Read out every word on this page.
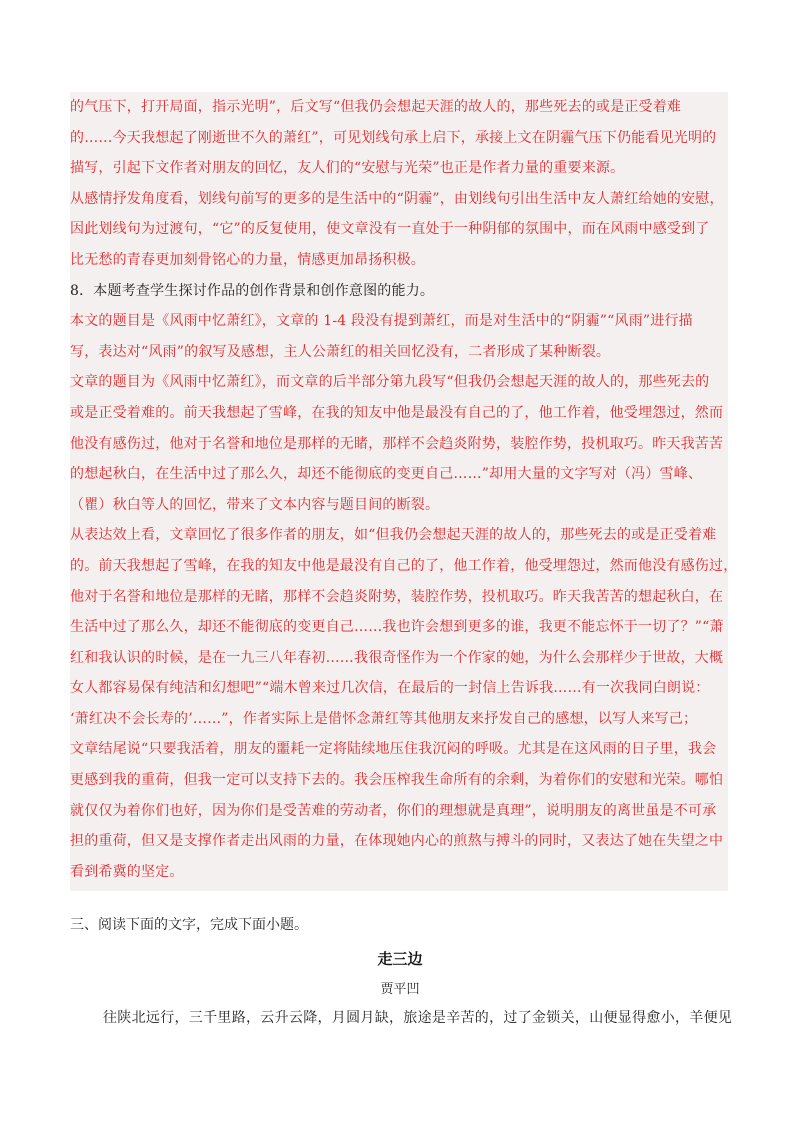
的气压下，打开局面，指示光明”，后文写“但我仍会想起天涯的故人的，那些死去的或是正受着难
的……今天我想起了刚逝世不久的萧红”，可见划线句承上启下，承接上文在阴霾气压下仍能看见光明的
描写，引起下文作者对朋友的回忆，友人们的“安慰与光荣”也正是作者力量的重要来源。
从感情抒发角度看，划线句前写的更多的是生活中的“阴霾”，由划线句引出生活中友人萧红给她的安慰，
因此划线句为过渡句，“它”的反复使用，使文章没有一直处于一种阴郁的氛围中，而在风雨中感受到了
比无愁的青春更加刻骨铭心的力量，情感更加昂扬积极。
8．本题考查学生探讨作品的创作背景和创作意图的能力。
本文的题目是《风雨中忆萧红》，文章的 1-4 段没有提到萧红，而是对生活中的“阴霾”“风雨”进行描
写，表达对“风雨”的叙写及感想，主人公萧红的相关回忆没有，二者形成了某种断裂。
文章的题目为《风雨中忆萧红》，而文章的后半部分第九段写“但我仍会想起天涯的故人的，那些死去的
或是正受着难的。前天我想起了雪峰，在我的知友中他是最没有自己的了，他工作着，他受埋怨过，然而
他没有感伤过，他对于名誉和地位是那样的无睹，那样不会趋炎附势，装腔作势，投机取巧。昨天我苦苦
的想起秋白，在生活中过了那么久，却还不能彻底的变更自己……”却用大量的文字写对（冯）雪峰、
（瞿）秋白等人的回忆，带来了文本内容与题目间的断裂。
从表达效上看，文章回忆了很多作者的朋友，如“但我仍会想起天涯的故人的，那些死去的或是正受着难
的。前天我想起了雪峰，在我的知友中他是最没有自己的了，他工作着，他受埋怨过，然而他没有感伤过，
他对于名誉和地位是那样的无睹，那样不会趋炎附势，装腔作势，投机取巧。昨天我苦苦的想起秋白，在
生活中过了那么久，却还不能彻底的变更自己……我也许会想到更多的谁，我更不能忘怀于一切了？”“萧
红和我认识的时候，是在一九三八年春初……我很奇怪作为一个作家的她，为什么会那样少于世故，大概
女人都容易保有纯洁和幻想吧”“端木曾来过几次信，在最后的一封信上告诉我……有一次我同白朗说：
‘萧红决不会长寿的’……”，作者实际上是借怀念萧红等其他朋友来抒发自己的感想，以写人来写己；
文章结尾说“只要我活着，朋友的噩耗一定将陆续地压住我沉闷的呼吸。尤其是在这风雨的日子里，我会
更感到我的重荷，但我一定可以支持下去的。我会压榨我生命所有的余剩，为着你们的安慰和光荣。哪怕
就仅仅为着你们也好，因为你们是受苦难的劳动者，你们的理想就是真理”，说明朋友的离世虽是不可承
担的重荷，但又是支撑作者走出风雨的力量，在体现她内心的煎熬与搏斗的同时，又表达了她在失望之中
看到希冀的坚定。
三、阅读下面的文字，完成下面小题。
走三边
贾平凹
往陕北远行，三千里路，云升云降，月圆月缺，旅途是辛苦的，过了金锁关，山便显得愈小，羊便见
